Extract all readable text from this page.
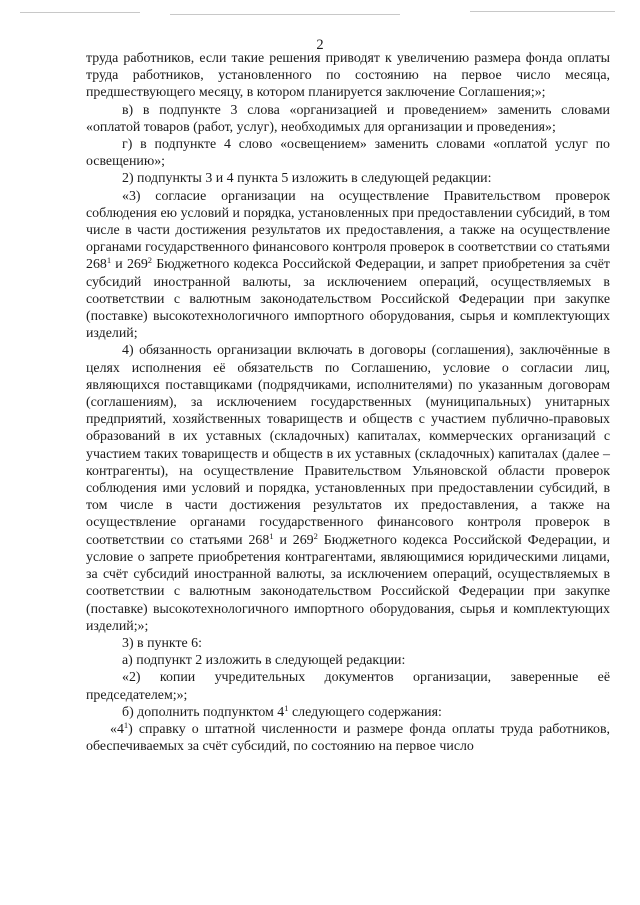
2

труда работников, если такие решения приводят к увеличению размера фонда оплаты труда работников, установленного по состоянию на первое число месяца, предшествующего месяцу, в котором планируется заключение Соглашения;»;

в) в подпункте 3 слова «организацией и проведением» заменить словами «оплатой товаров (работ, услуг), необходимых для организации и проведения»;

г) в подпункте 4 слово «освещением» заменить словами «оплатой услуг по освещению»;

2) подпункты 3 и 4 пункта 5 изложить в следующей редакции:

«3) согласие организации на осуществление Правительством проверок соблюдения ею условий и порядка, установленных при предоставлении субсидий, в том числе в части достижения результатов их предоставления, а также на осуществление органами государственного финансового контроля проверок в соответствии со статьями $268^1$ и $269^2$ Бюджетного кодекса Российской Федерации, и запрет приобретения за счёт субсидий иностранной валюты, за исключением операций, осуществляемых в соответствии с валютным законодательством Российской Федерации при закупке (поставке) высокотехнологичного импортного оборудования, сырья и комплектующих изделий;

4) обязанность организации включать в договоры (соглашения), заключённые в целях исполнения её обязательств по Соглашению, условие о согласии лиц, являющихся поставщиками (подрядчиками, исполнителями) по указанным договорам (соглашениям), за исключением государственных (муниципальных) унитарных предприятий, хозяйственных товариществ и обществ с участием публично-правовых образований в их уставных (складочных) капиталах, коммерческих организаций с участием таких товариществ и обществ в их уставных (складочных) капиталах (далее – контрагенты), на осуществление Правительством Ульяновской области проверок соблюдения ими условий и порядка, установленных при предоставлении субсидий, в том числе в части достижения результатов их предоставления, а также на осуществление органами государственного финансового контроля проверок в соответствии со статьями $268^1$ и $269^2$ Бюджетного кодекса Российской Федерации, и условие о запрете приобретения контрагентами, являющимися юридическими лицами, за счёт субсидий иностранной валюты, за исключением операций, осуществляемых в соответствии с валютным законодательством Российской Федерации при закупке (поставке) высокотехнологичного импортного оборудования, сырья и комплектующих изделий;»;

3) в пункте 6:

а) подпункт 2 изложить в следующей редакции:

«2) копии учредительных документов организации, заверенные её председателем;»;

б) дополнить подпунктом $4^1$ следующего содержания:

«$4^1$) справку о штатной численности и размере фонда оплаты труда работников, обеспечиваемых за счёт субсидий, по состоянию на первое число
